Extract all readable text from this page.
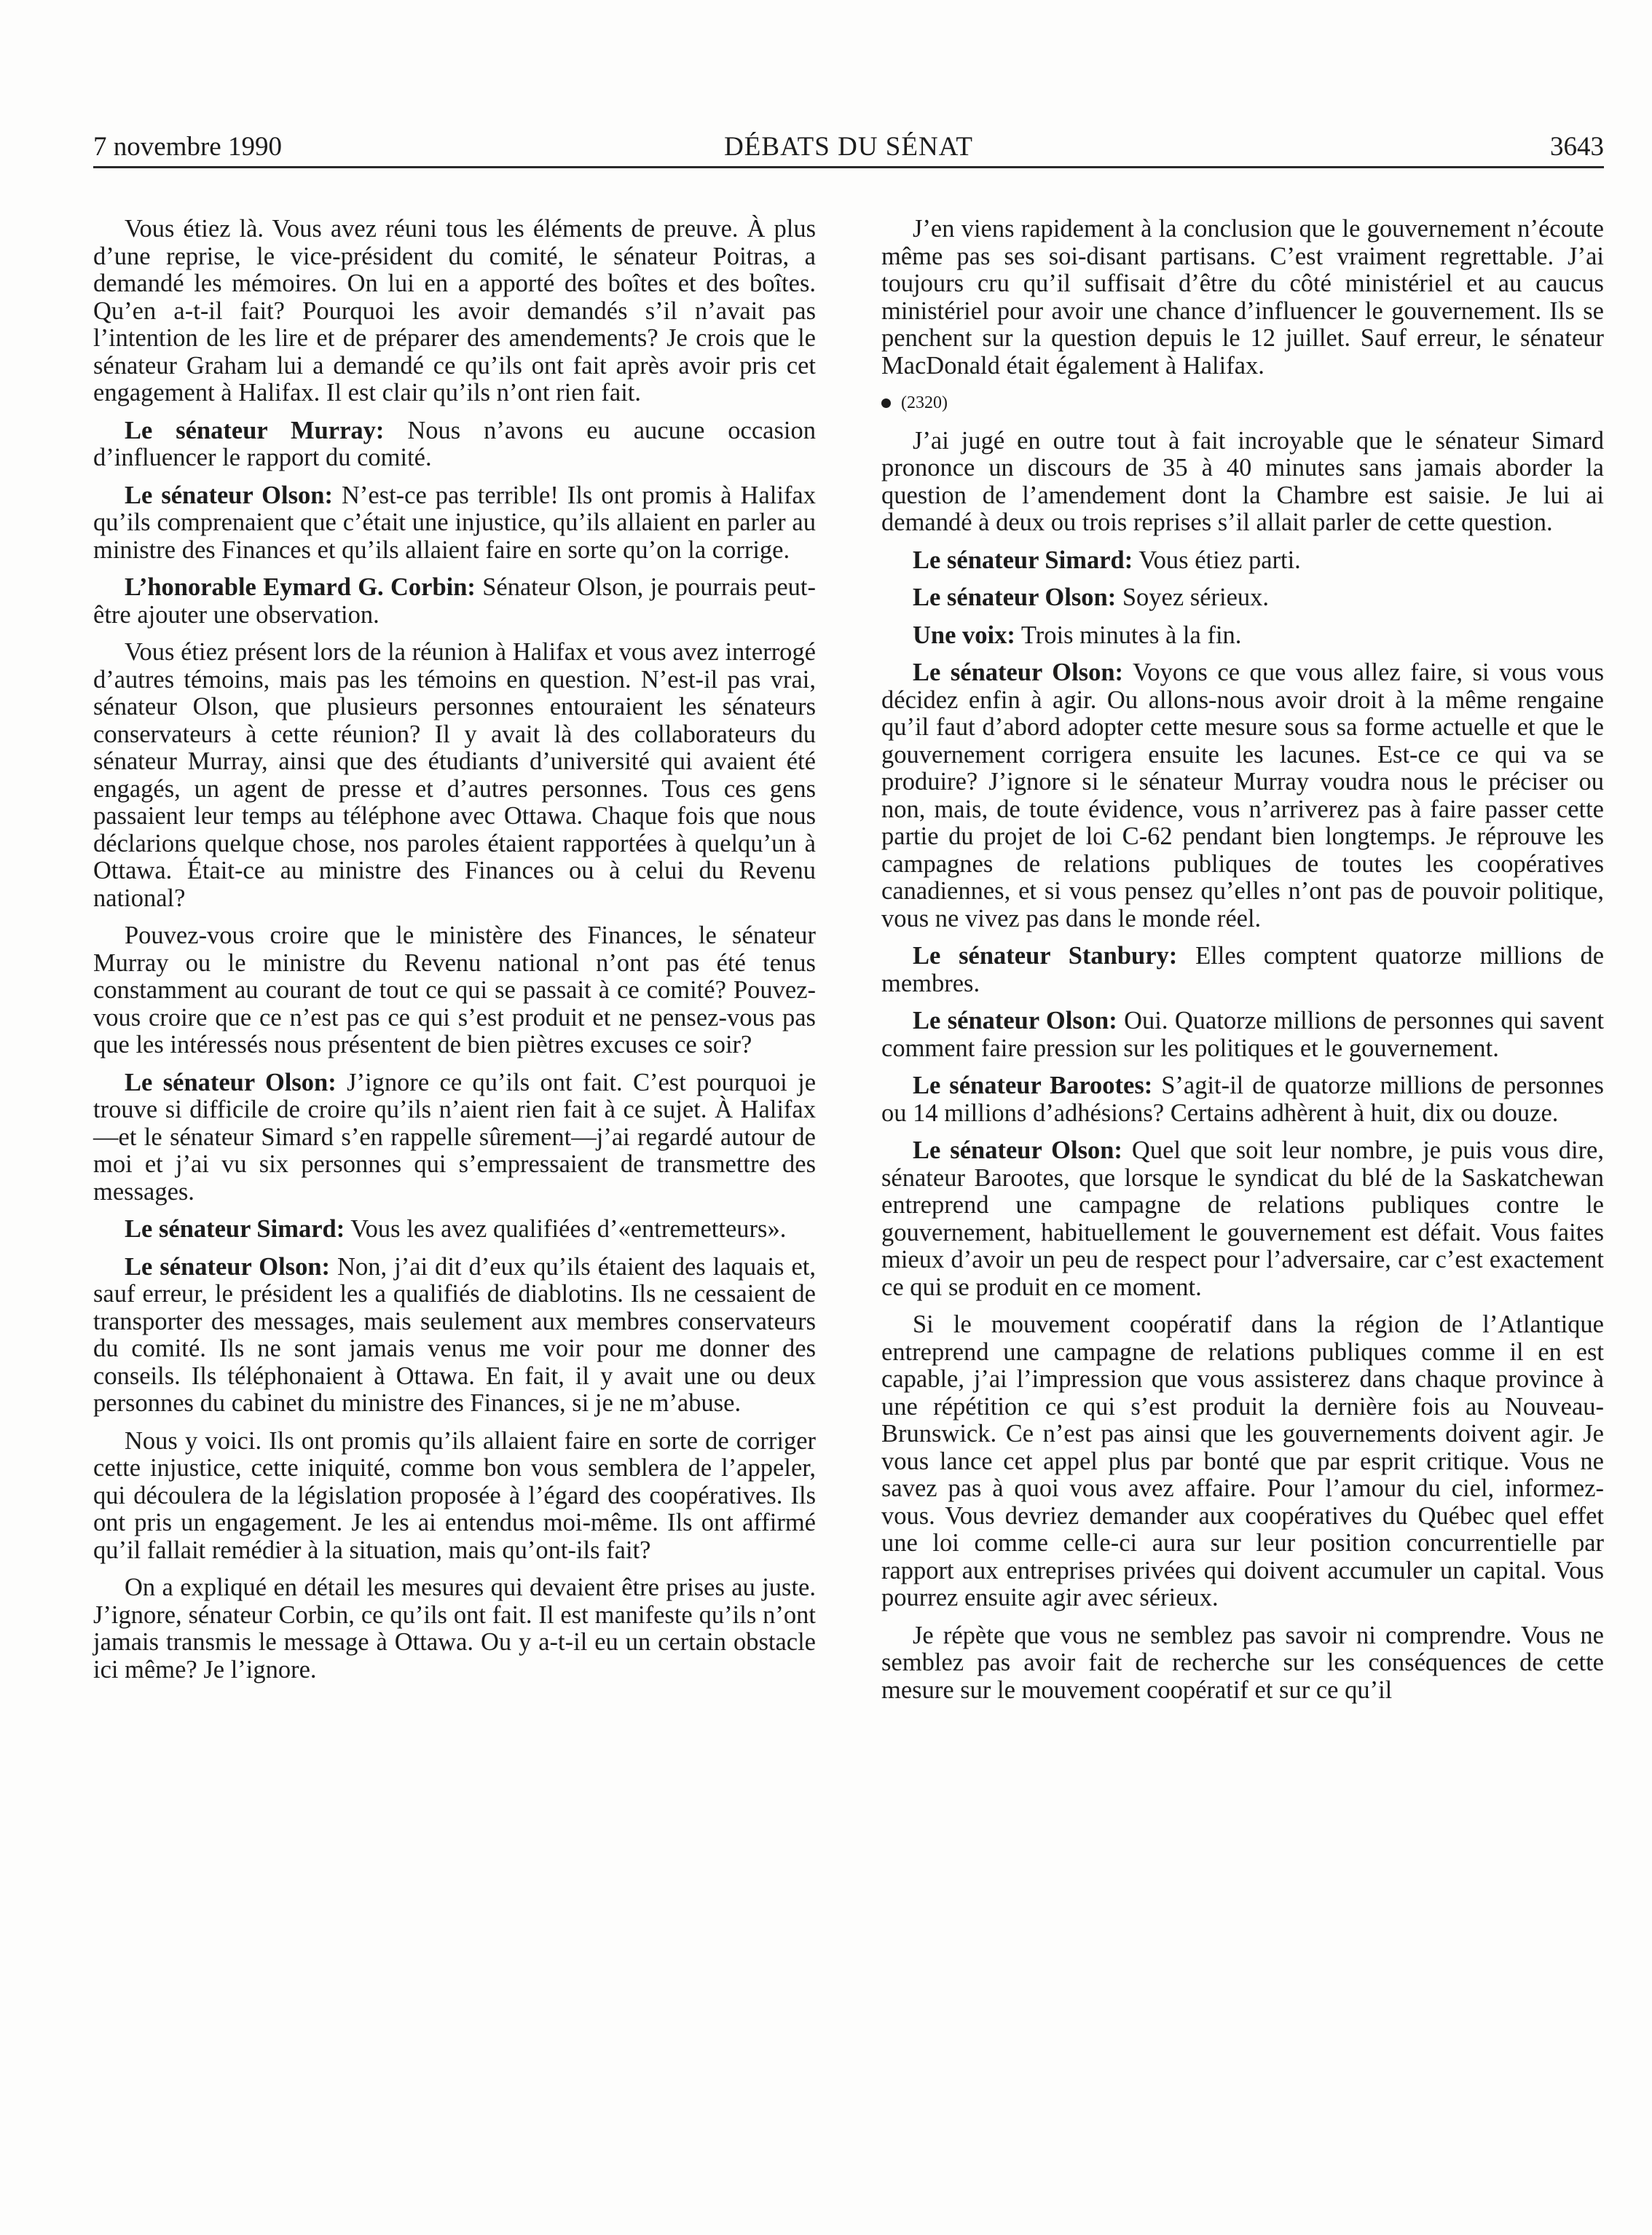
7 novembre 1990	DÉBATS DU SÉNAT	3643

Vous étiez là. Vous avez réuni tous les éléments de preuve. À plus d’une reprise, le vice-président du comité, le sénateur Poitras, a demandé les mémoires. On lui en a apporté des boîtes et des boîtes. Qu’en a-t-il fait? Pourquoi les avoir demandés s’il n’avait pas l’intention de les lire et de préparer des amendements? Je crois que le sénateur Graham lui a demandé ce qu’ils ont fait après avoir pris cet engagement à Halifax. Il est clair qu’ils n’ont rien fait.

Le sénateur Murray: Nous n’avons eu aucune occasion d’influencer le rapport du comité.

Le sénateur Olson: N’est-ce pas terrible! Ils ont promis à Halifax qu’ils comprenaient que c’était une injustice, qu’ils allaient en parler au ministre des Finances et qu’ils allaient faire en sorte qu’on la corrige.

L’honorable Eymard G. Corbin: Sénateur Olson, je pourrais peut-être ajouter une observation.

Vous étiez présent lors de la réunion à Halifax et vous avez interrogé d’autres témoins, mais pas les témoins en question. N’est-il pas vrai, sénateur Olson, que plusieurs personnes entouraient les sénateurs conservateurs à cette réunion? Il y avait là des collaborateurs du sénateur Murray, ainsi que des étudiants d’université qui avaient été engagés, un agent de presse et d’autres personnes. Tous ces gens passaient leur temps au téléphone avec Ottawa. Chaque fois que nous déclarions quelque chose, nos paroles étaient rapportées à quelqu’un à Ottawa. Était-ce au ministre des Finances ou à celui du Revenu national?

Pouvez-vous croire que le ministère des Finances, le sénateur Murray ou le ministre du Revenu national n’ont pas été tenus constamment au courant de tout ce qui se passait à ce comité? Pouvez-vous croire que ce n’est pas ce qui s’est produit et ne pensez-vous pas que les intéressés nous présentent de bien piètres excuses ce soir?

Le sénateur Olson: J’ignore ce qu’ils ont fait. C’est pourquoi je trouve si difficile de croire qu’ils n’aient rien fait à ce sujet. À Halifax—et le sénateur Simard s’en rappelle sûrement—j’ai regardé autour de moi et j’ai vu six personnes qui s’empressaient de transmettre des messages.

Le sénateur Simard: Vous les avez qualifiées d’«entremetteurs».

Le sénateur Olson: Non, j’ai dit d’eux qu’ils étaient des laquais et, sauf erreur, le président les a qualifiés de diablotins. Ils ne cessaient de transporter des messages, mais seulement aux membres conservateurs du comité. Ils ne sont jamais venus me voir pour me donner des conseils. Ils téléphonaient à Ottawa. En fait, il y avait une ou deux personnes du cabinet du ministre des Finances, si je ne m’abuse.

Nous y voici. Ils ont promis qu’ils allaient faire en sorte de corriger cette injustice, cette iniquité, comme bon vous semblera de l’appeler, qui découlera de la législation proposée à l’égard des coopératives. Ils ont pris un engagement. Je les ai entendus moi-même. Ils ont affirmé qu’il fallait remédier à la situation, mais qu’ont-ils fait?

On a expliqué en détail les mesures qui devaient être prises au juste. J’ignore, sénateur Corbin, ce qu’ils ont fait. Il est manifeste qu’ils n’ont jamais transmis le message à Ottawa. Ou y a-t-il eu un certain obstacle ici même? Je l’ignore.

J’en viens rapidement à la conclusion que le gouvernement n’écoute même pas ses soi-disant partisans. C’est vraiment regrettable. J’ai toujours cru qu’il suffisait d’être du côté ministériel et au caucus ministériel pour avoir une chance d’influencer le gouvernement. Ils se penchent sur la question depuis le 12 juillet. Sauf erreur, le sénateur MacDonald était également à Halifax.

(2320)

J’ai jugé en outre tout à fait incroyable que le sénateur Simard prononce un discours de 35 à 40 minutes sans jamais aborder la question de l’amendement dont la Chambre est saisie. Je lui ai demandé à deux ou trois reprises s’il allait parler de cette question.

Le sénateur Simard: Vous étiez parti.

Le sénateur Olson: Soyez sérieux.

Une voix: Trois minutes à la fin.

Le sénateur Olson: Voyons ce que vous allez faire, si vous vous décidez enfin à agir. Ou allons-nous avoir droit à la même rengaine qu’il faut d’abord adopter cette mesure sous sa forme actuelle et que le gouvernement corrigera ensuite les lacunes. Est-ce ce qui va se produire? J’ignore si le sénateur Murray voudra nous le préciser ou non, mais, de toute évidence, vous n’arriverez pas à faire passer cette partie du projet de loi C-62 pendant bien longtemps. Je réprouve les campagnes de relations publiques de toutes les coopératives canadiennes, et si vous pensez qu’elles n’ont pas de pouvoir politique, vous ne vivez pas dans le monde réel.

Le sénateur Stanbury: Elles comptent quatorze millions de membres.

Le sénateur Olson: Oui. Quatorze millions de personnes qui savent comment faire pression sur les politiques et le gouvernement.

Le sénateur Barootes: S’agit-il de quatorze millions de personnes ou 14 millions d’adhésions? Certains adhèrent à huit, dix ou douze.

Le sénateur Olson: Quel que soit leur nombre, je puis vous dire, sénateur Barootes, que lorsque le syndicat du blé de la Saskatchewan entreprend une campagne de relations publiques contre le gouvernement, habituellement le gouvernement est défait. Vous faites mieux d’avoir un peu de respect pour l’adversaire, car c’est exactement ce qui se produit en ce moment.

Si le mouvement coopératif dans la région de l’Atlantique entreprend une campagne de relations publiques comme il en est capable, j’ai l’impression que vous assisterez dans chaque province à une répétition ce qui s’est produit la dernière fois au Nouveau-Brunswick. Ce n’est pas ainsi que les gouvernements doivent agir. Je vous lance cet appel plus par bonté que par esprit critique. Vous ne savez pas à quoi vous avez affaire. Pour l’amour du ciel, informez-vous. Vous devriez demander aux coopératives du Québec quel effet une loi comme celle-ci aura sur leur position concurrentielle par rapport aux entreprises privées qui doivent accumuler un capital. Vous pourrez ensuite agir avec sérieux.

Je répète que vous ne semblez pas savoir ni comprendre. Vous ne semblez pas avoir fait de recherche sur les conséquences de cette mesure sur le mouvement coopératif et sur ce qu’il
